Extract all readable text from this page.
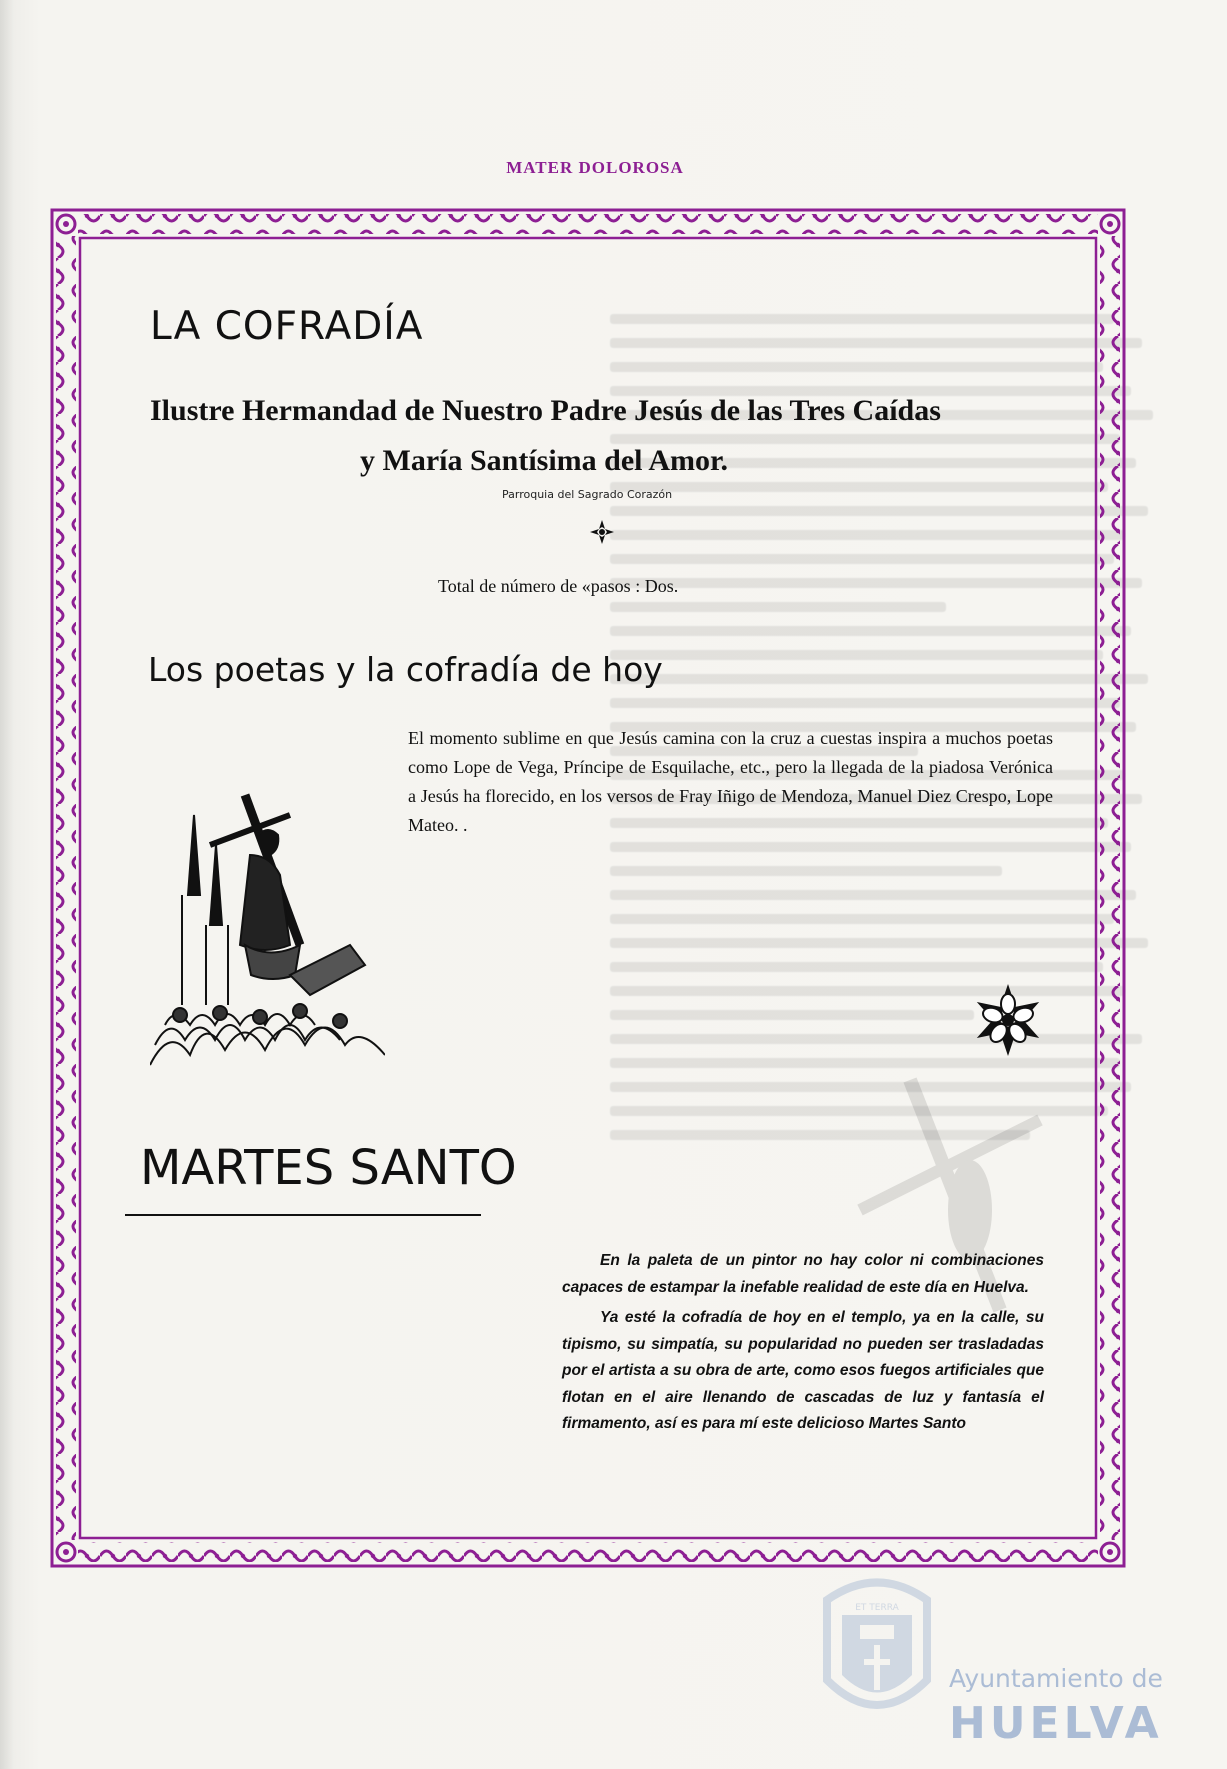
MATER DOLOROSA
LA COFRADÍA
Ilustre Hermandad de Nuestro Padre Jesús de las Tres Caídas
y María Santísima del Amor.
Parroquia del Sagrado Corazón
Total de número de «pasos : Dos.
Los poetas y la cofradía de hoy

El momento sublime en que Jesús camina con la cruz a cuestas inspira a muchos poetas como Lope de Vega, Príncipe de Esquilache, etc., pero la llegada de la piadosa Verónica a Jesús ha florecido, en los versos de Fray Iñigo de Mendoza, Manuel Diez Crespo, Lope Mateo. .

MARTES SANTO

En la paleta de un pintor no hay color ni combinaciones capaces de estampar la inefable realidad de este día en Huelva.

Ya esté la cofradía de hoy en el templo, ya en la calle, su tipismo, su simpatía, su popularidad no pueden ser trasladadas por el artista a su obra de arte, como esos fuegos artificiales que flotan en el aire llenando de cascadas de luz y fantasía el firmamento, así es para mí este delicioso Martes Santo

ET TERRA
Ayuntamiento de
HUELVA
